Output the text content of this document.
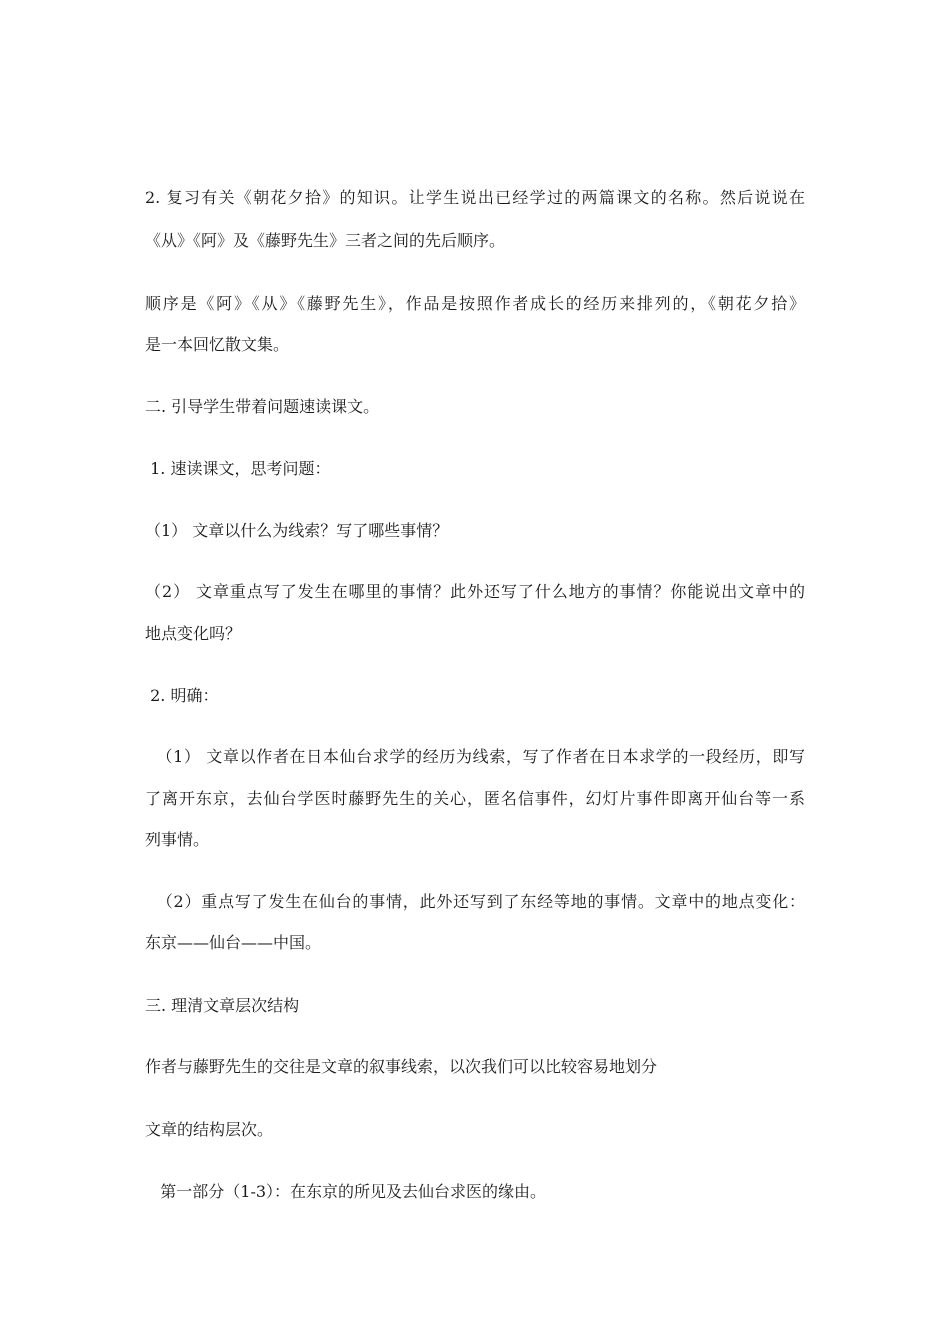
2. 复习有关《朝花夕拾》的知识。让学生说出已经学过的两篇课文的名称。然后说说在
《从》《阿》及《藤野先生》三者之间的先后顺序。
顺序是《阿》《从》《藤野先生》，作品是按照作者成长的经历来排列的，《朝花夕拾》
是一本回忆散文集。
二. 引导学生带着问题速读课文。
1. 速读课文，思考问题：
（1） 文章以什么为线索？写了哪些事情？
（2） 文章重点写了发生在哪里的事情？此外还写了什么地方的事情？你能说出文章中的
地点变化吗？
2. 明确：
（1） 文章以作者在日本仙台求学的经历为线索，写了作者在日本求学的一段经历，即写
了离开东京，去仙台学医时藤野先生的关心，匿名信事件，幻灯片事件即离开仙台等一系
列事情。
（2）重点写了发生在仙台的事情，此外还写到了东经等地的事情。文章中的地点变化：
东京——仙台——中国。
三. 理清文章层次结构
作者与藤野先生的交往是文章的叙事线索，以次我们可以比较容易地划分
文章的结构层次。
第一部分（1-3）：在东京的所见及去仙台求医的缘由。
